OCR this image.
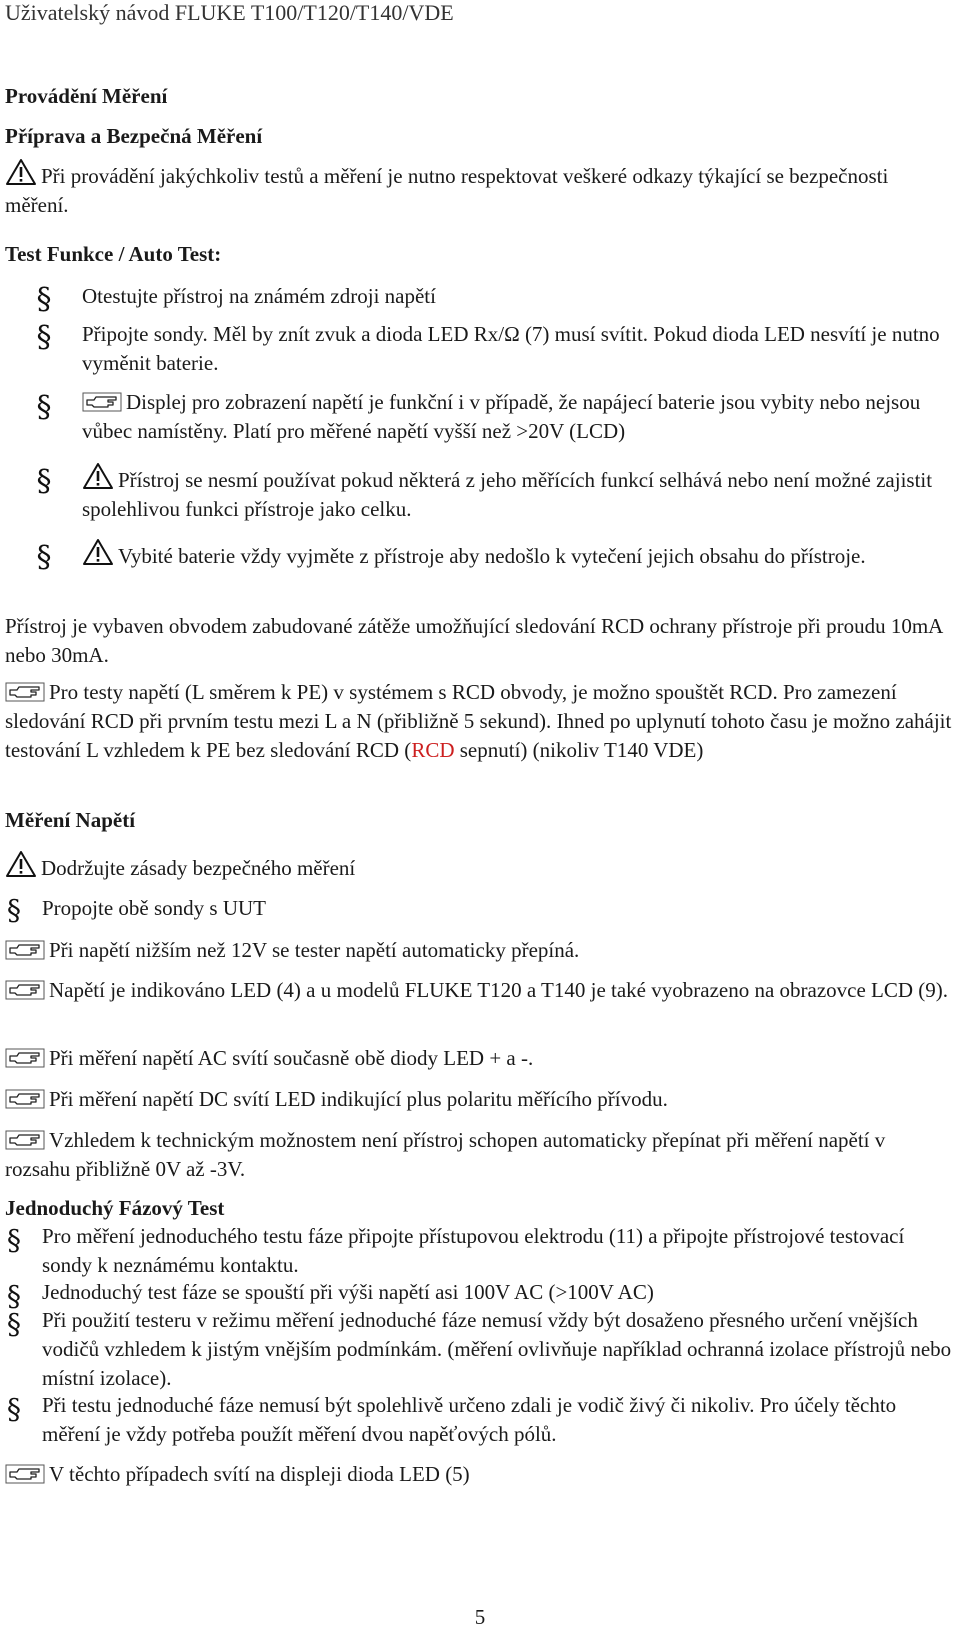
Uživatelský návod FLUKE T100/T120/T140/VDE
Provádění Měření
Příprava a Bezpečná Měření
Při provádění jakýchkoliv testů a měření je nutno respektovat veškeré odkazy týkající se bezpečnosti měření.
Test Funkce / Auto Test:
Otestujte přístroj na známém zdroji napětí
Připojte sondy. Měl by znít zvuk a dioda LED Rx/Ω (7) musí svítit. Pokud dioda LED nesvítí je nutno vyměnit baterie.
Displej pro zobrazení napětí je funkční i v případě, že napájecí baterie jsou vybity nebo nejsou vůbec namístěny. Platí pro měřené napětí vyšší než >20V (LCD)
Přístroj se nesmí používat pokud některá z jeho měřících funkcí selhává nebo není možné zajistit spolehlivou funkci přístroje jako celku.
Vybité baterie vždy vyjměte z přístroje aby nedošlo k vytečení jejich obsahu do přístroje.
Přístroj je vybaven obvodem zabudované zátěže umožňující sledování RCD ochrany přístroje při proudu 10mA nebo 30mA.
Pro testy napětí (L směrem k PE) v systémem s RCD obvody, je možno spouštět RCD. Pro zamezení sledování RCD při prvním testu mezi L a N (přibližně 5 sekund). Ihned po uplynutí tohoto času je možno zahájit testování L vzhledem k PE bez sledování RCD (RCD sepnutí) (nikoliv T140 VDE)
Měření Napětí
Dodržujte zásady bezpečného měření
Propojte obě sondy s UUT
Při napětí nižším než 12V se tester napětí automaticky přepíná.
Napětí je indikováno LED (4) a u modelů FLUKE T120 a T140 je také vyobrazeno na obrazovce LCD (9).
Při měření napětí AC svítí současně obě diody LED + a -.
Při měření napětí DC svítí LED indikující plus polaritu měřícího přívodu.
Vzhledem k technickým možnostem není přístroj schopen automaticky přepínat při měření napětí v rozsahu přibližně 0V až -3V.
Jednoduchý Fázový Test
Pro měření jednoduchého testu fáze připojte přístupovou elektrodu (11) a připojte přístrojové testovací sondy k neznámému kontaktu.
Jednoduchý test fáze se spouští při výši napětí asi 100V AC (>100V AC)
Při použití testeru v režimu měření jednoduché fáze nemusí vždy být dosaženo přesného určení vnějších vodičů vzhledem k jistým vnějším podmínkám. (měření ovlivňuje například ochranná izolace přístrojů nebo místní izolace).
Při testu jednoduché fáze nemusí být spolehlivě určeno zdali je vodič živý či nikoliv. Pro účely těchto měření je vždy potřeba použít měření dvou napěťových pólů.
V těchto případech svítí na displeji dioda LED (5)
5
